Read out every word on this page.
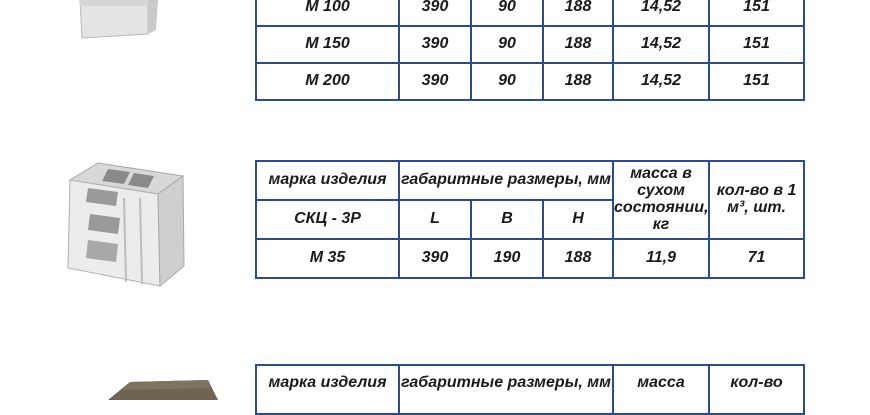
М 100	390	90	188	14,52	151
М 150	390	90	188	14,52	151
М 200	390	90	188	14,52	151
марка изделия	габаритные размеры, мм			масса в сухом состоянии, кг	кол-во в 1 м³, шт.
СКЦ - 3Р	L	B	H		
М 35	390	190	188	11,9	71
марка изделия	габаритные размеры, мм	масса	кол-во
